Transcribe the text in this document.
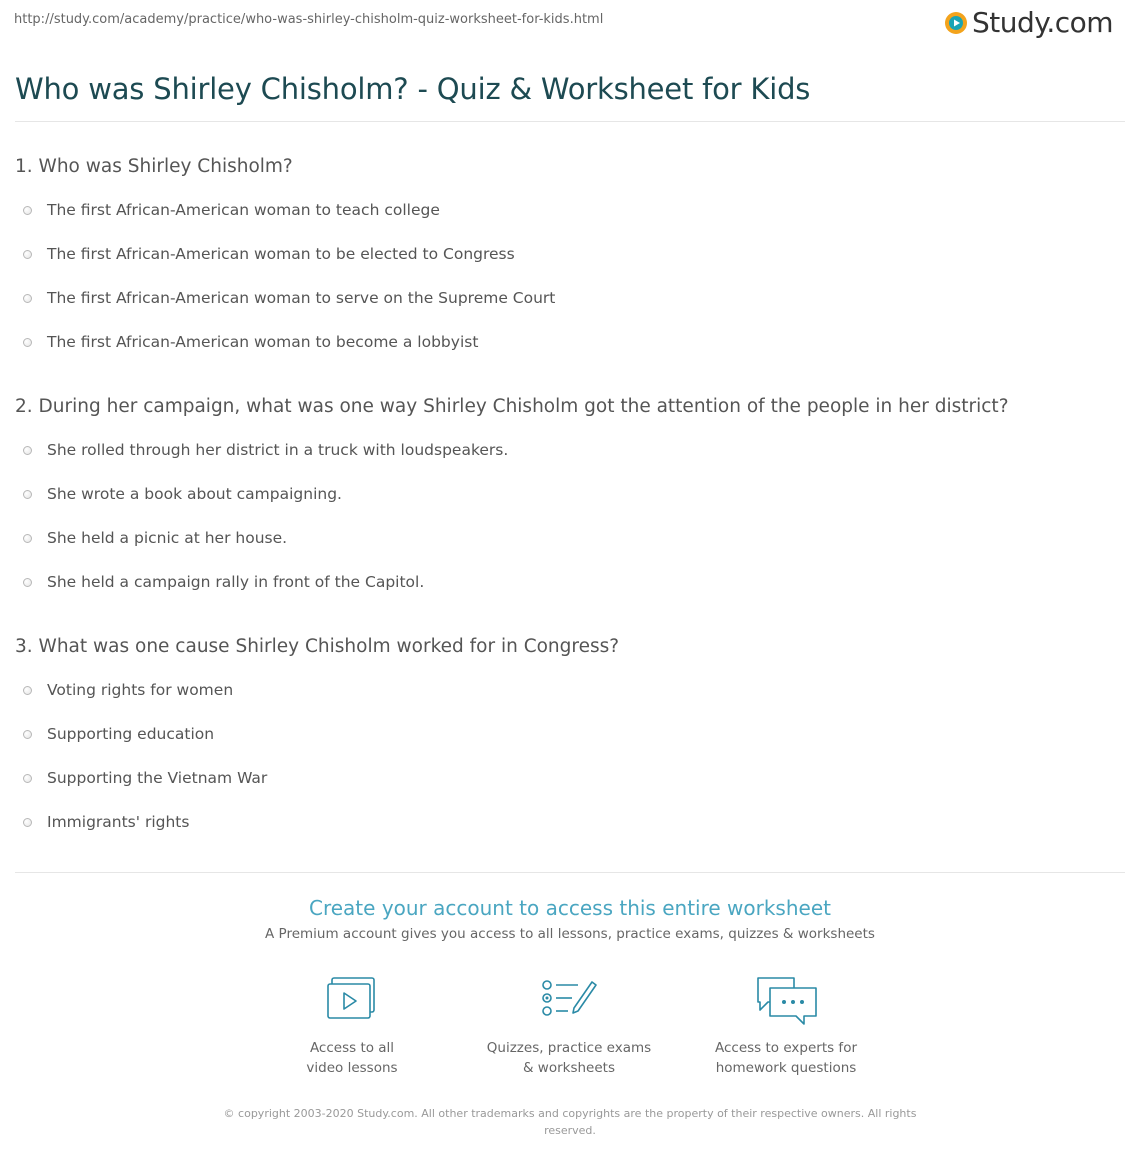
http://study.com/academy/practice/who-was-shirley-chisholm-quiz-worksheet-for-kids.html	Study.com
Who was Shirley Chisholm? - Quiz & Worksheet for Kids

1. Who was Shirley Chisholm?

The first African-American woman to teach college
The first African-American woman to be elected to Congress
The first African-American woman to serve on the Supreme Court
The first African-American woman to become a lobbyist

2. During her campaign, what was one way Shirley Chisholm got the attention of the people in her district?

She rolled through her district in a truck with loudspeakers.
She wrote a book about campaigning.
She held a picnic at her house.
She held a campaign rally in front of the Capitol.

3. What was one cause Shirley Chisholm worked for in Congress?

Voting rights for women
Supporting education
Supporting the Vietnam War
Immigrants' rights
Create your account to access this entire worksheet
A Premium account gives you access to all lessons, practice exams, quizzes & worksheets
Access to all
video lessons
Quizzes, practice exams
& worksheets
Access to experts for
homework questions
© copyright 2003-2020 Study.com. All other trademarks and copyrights are the property of their respective owners. All rights
reserved.
